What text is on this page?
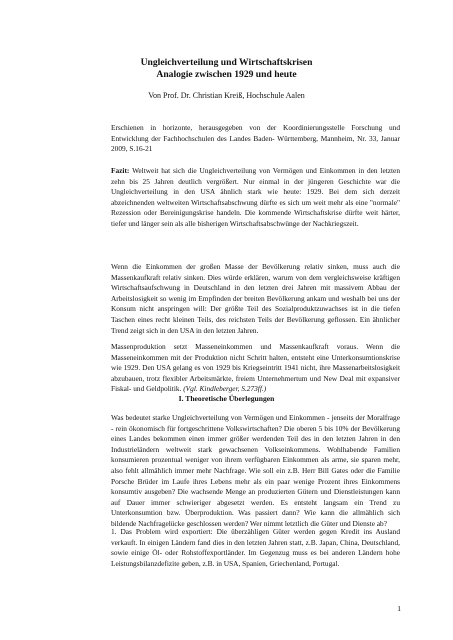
Ungleichverteilung und Wirtschaftskrisen
Analogie zwischen 1929 und heute
Von Prof. Dr. Christian Kreiß, Hochschule Aalen
Erschienen in horizonte, herausgegeben von der Koordinierungsstelle Forschung und Entwicklung der Fachhochschulen des Landes Baden- Württemberg, Mannheim, Nr. 33, Januar 2009, S.16-21
Fazit: Weltweit hat sich die Ungleichverteilung von Vermögen und Einkommen in den letzten zehn bis 25 Jahren deutlich vergrößert. Nur einmal in der jüngeren Geschichte war die Ungleichverteilung in den USA ähnlich stark wie heute: 1929. Bei dem sich derzeit abzeichnenden weltweiten Wirtschaftsabschwung dürfte es sich um weit mehr als eine "normale" Rezession oder Bereinigungskrise handeln. Die kommende Wirtschaftskrise dürfte weit härter, tiefer und länger sein als alle bisherigen Wirtschaftsabschwünge der Nachkriegszeit.
Wenn die Einkommen der großen Masse der Bevölkerung relativ sinken, muss auch die Massenkaufkraft relativ sinken. Dies würde erklären, warum von dem vergleichsweise kräftigen Wirtschaftsaufschwung in Deutschland in den letzten drei Jahren mit massivem Abbau der Arbeitslosigkeit so wenig im Empfinden der breiten Bevölkerung ankam und weshalb bei uns der Konsum nicht anspringen will: Der größte Teil des Sozialproduktzuwachses ist in die tiefen Taschen eines recht kleinen Teils, des reichsten Teils der Bevölkerung geflossen. Ein ähnlicher Trend zeigt sich in den USA in den letzten Jahren.
Massenproduktion setzt Masseneinkommen und Massenkaufkraft voraus. Wenn die Masseneinkommen mit der Produktion nicht Schritt halten, entsteht eine Unterkonsumtionskrise wie 1929. Den USA gelang es von 1929 bis Kriegseintritt 1941 nicht, ihre Massenarbeitslosigkeit abzubauen, trotz flexibler Arbeitsmärkte, freiem Unternehmertum und New Deal mit expansiver Fiskal- und Geldpolitik. (Vgl. Kindleberger, S.273ff.)
I. Theoretische Überlegungen
Was bedeutet starke Ungleichverteilung von Vermögen und Einkommen - jenseits der Moralfrage - rein ökonomisch für fortgeschrittene Volkswirtschaften? Die oberen 5 bis 10% der Bevölkerung eines Landes bekommen einen immer größer werdenden Teil des in den letzten Jahren in den Industrieländern weltweit stark gewachsenen Volkseinkommens. Wohlhabende Familien konsumieren prozentual weniger von ihrem verfügbaren Einkommen als arme, sie sparen mehr, also fehlt allmählich immer mehr Nachfrage. Wie soll ein z.B. Herr Bill Gates oder die Familie Porsche Brüder im Laufe ihres Lebens mehr als ein paar wenige Prozent ihres Einkommens konsumtiv ausgeben? Die wachsende Menge an produzierten Gütern und Dienstleistungen kann auf Dauer immer schwieriger abgesetzt werden. Es entsteht langsam ein Trend zu Unterkonsumtion bzw. Überproduktion. Was passiert dann? Wie kann die allmählich sich bildende Nachfragelücke geschlossen werden? Wer nimmt letztlich die Güter und Dienste ab?
1. Das Problem wird exportiert: Die überzähligen Güter werden gegen Kredit ins Ausland verkauft. In einigen Ländern fand dies in den letzten Jahren statt, z.B. Japan, China, Deutschland, sowie einige Öl- oder Rohstoffexportländer. Im Gegenzug muss es bei anderen Ländern hohe Leistungsbilanzdefizite geben, z.B. in USA, Spanien, Griechenland, Portugal.
1
